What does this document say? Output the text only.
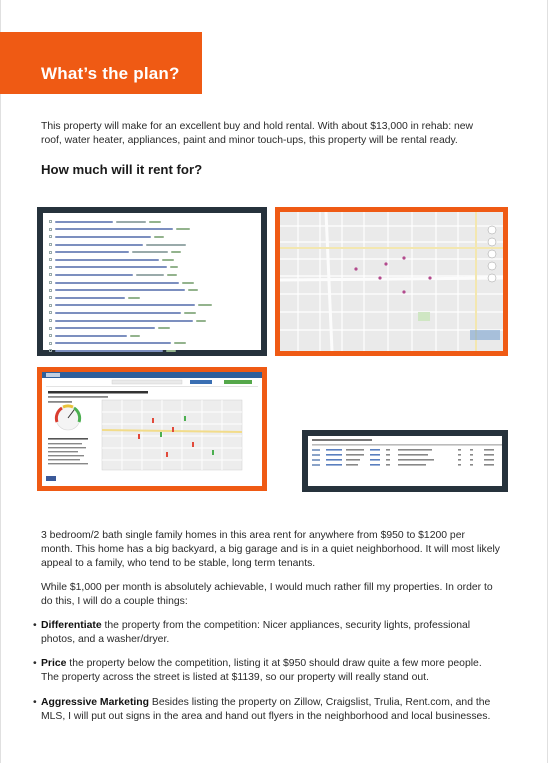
What’s the plan?
This property will make for an excellent buy and hold rental. With about $13,000 in rehab: new
roof, water heater, appliances, paint and minor touch-ups, this property will be rental ready.
How much will it rent for?
3 bedroom/2 bath single family homes in this area rent for anywhere from $950 to $1200 per
month. This home has a big backyard, a big garage and is in a quiet neighborhood. It will most likely
appeal to a family, who tend to be stable, long term tenants.
While $1,000 per month is absolutely achievable, I would much rather fill my properties. In order to
do this, I will do a couple things:
• Differentiate the property from the competition: Nicer appliances, security lights, professional
photos, and a washer/dryer.
• Price the property below the competition, listing it at $950 should draw quite a few more people.
The property across the street is listed at $1139, so our property will really stand out.
• Aggressive Marketing Besides listing the property on Zillow, Craigslist, Trulia, Rent.com, and the
MLS, I will put out signs in the area and hand out flyers in the neighborhood and local businesses.
